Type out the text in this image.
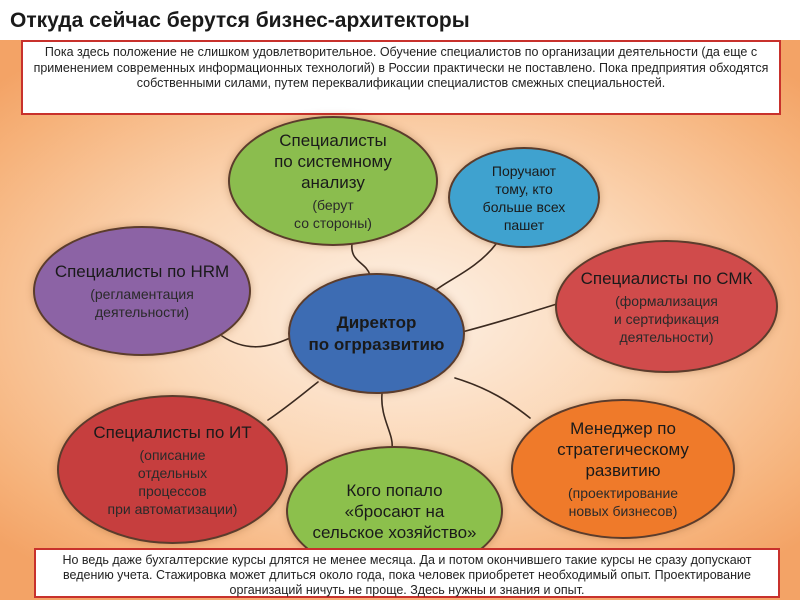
Откуда сейчас берутся бизнес-архитекторы
Пока здесь положение не слишком удовлетворительное. Обучение специалистов по организации деятельности (да еще с применением современных информационных технологий) в России практически не поставлено. Пока предприятия обходятся собственными силами, путем переквалификации специалистов смежных специальностей.
Специалисты
по системному
анализу
(берут
со стороны)
Поручают
тому, кто
больше всех
пашет
Специалисты по HRM
(регламентация
деятельности)
Специалисты по СМК
(формализация
и сертификация
деятельности)
Директор
по огрразвитию
Специалисты по ИТ
(описание
отдельных
процессов
при автоматизации)
Менеджер по
стратегическому
развитию
(проектирование
новых бизнесов)
Кого попало
«бросают на
сельское хозяйство»
Но ведь даже бухгалтерские курсы длятся не менее месяца. Да и потом окончившего такие курсы не сразу допускают ведению учета. Стажировка может длиться около года, пока человек приобретет необходимый опыт. Проектирование организаций ничуть не проще. Здесь нужны и знания и опыт.
